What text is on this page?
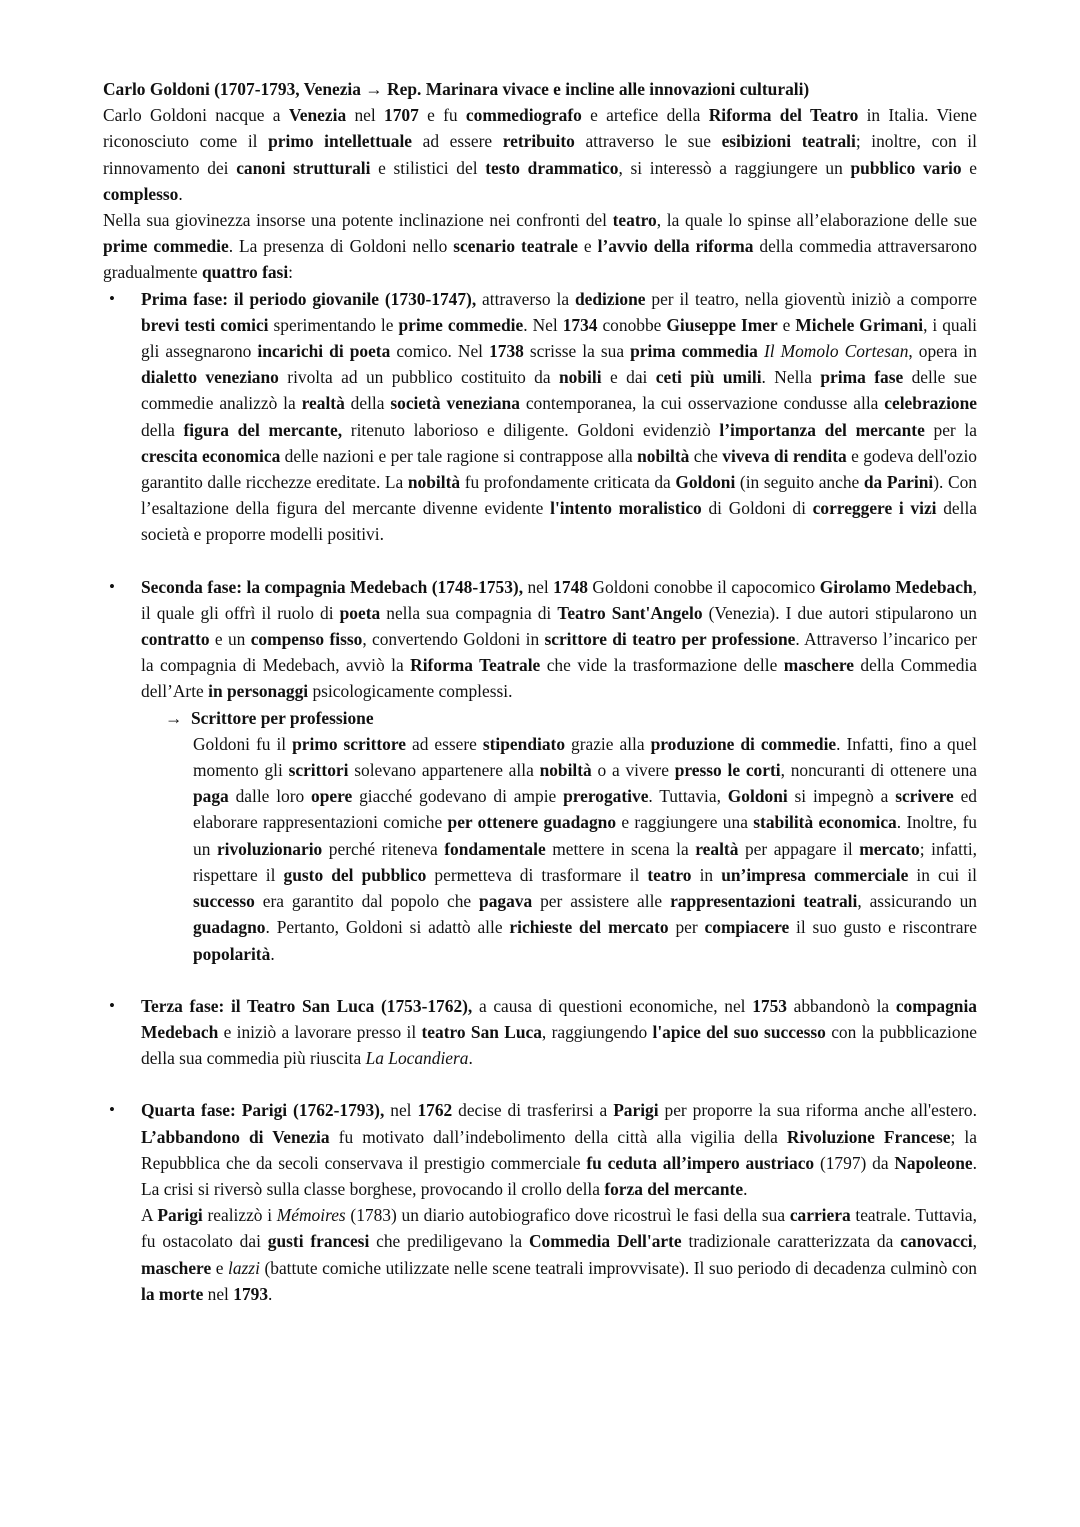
Carlo Goldoni (1707-1793, Venezia → Rep. Marinara vivace e incline alle innovazioni culturali)

Carlo Goldoni nacque a Venezia nel 1707 e fu commediografo e artefice della Riforma del Teatro in Italia. Viene riconosciuto come il primo intellettuale ad essere retribuito attraverso le sue esibizioni teatrali; inoltre, con il rinnovamento dei canoni strutturali e stilistici del testo drammatico, si interessò a raggiungere un pubblico vario e complesso.

Nella sua giovinezza insorse una potente inclinazione nei confronti del teatro, la quale lo spinse all’elaborazione delle sue prime commedie. La presenza di Goldoni nello scenario teatrale e l’avvio della riforma della commedia attraversarono gradualmente quattro fasi:

• Prima fase: il periodo giovanile (1730-1747), attraverso la dedizione per il teatro, nella gioventù iniziò a comporre brevi testi comici sperimentando le prime commedie. Nel 1734 conobbe Giuseppe Imer e Michele Grimani, i quali gli assegnarono incarichi di poeta comico. Nel 1738 scrisse la sua prima commedia Il Momolo Cortesan, opera in dialetto veneziano rivolta ad un pubblico costituito da nobili e dai ceti più umili. Nella prima fase delle sue commedie analizzò la realtà della società veneziana contemporanea, la cui osservazione condusse alla celebrazione della figura del mercante, ritenuto laborioso e diligente. Goldoni evidenziò l’importanza del mercante per la crescita economica delle nazioni e per tale ragione si contrappose alla nobiltà che viveva di rendita e godeva dell'ozio garantito dalle ricchezze ereditate. La nobiltà fu profondamente criticata da Goldoni (in seguito anche da Parini). Con l’esaltazione della figura del mercante divenne evidente l'intento moralistico di Goldoni di correggere i vizi della società e proporre modelli positivi.

• Seconda fase: la compagnia Medebach (1748-1753), nel 1748 Goldoni conobbe il capocomico Girolamo Medebach, il quale gli offrì il ruolo di poeta nella sua compagnia di Teatro Sant'Angelo (Venezia). I due autori stipularono un contratto e un compenso fisso, convertendo Goldoni in scrittore di teatro per professione. Attraverso l’incarico per la compagnia di Medebach, avviò la Riforma Teatrale che vide la trasformazione delle maschere della Commedia dell’Arte in personaggi psicologicamente complessi.

→ Scrittore per professione

Goldoni fu il primo scrittore ad essere stipendiato grazie alla produzione di commedie. Infatti, fino a quel momento gli scrittori solevano appartenere alla nobiltà o a vivere presso le corti, noncuranti di ottenere una paga dalle loro opere giacché godevano di ampie prerogative. Tuttavia, Goldoni si impegnò a scrivere ed elaborare rappresentazioni comiche per ottenere guadagno e raggiungere una stabilità economica. Inoltre, fu un rivoluzionario perché riteneva fondamentale mettere in scena la realtà per appagare il mercato; infatti, rispettare il gusto del pubblico permetteva di trasformare il teatro in un’impresa commerciale in cui il successo era garantito dal popolo che pagava per assistere alle rappresentazioni teatrali, assicurando un guadagno. Pertanto, Goldoni si adattò alle richieste del mercato per compiacere il suo gusto e riscontrare popolarità.

• Terza fase: il Teatro San Luca (1753-1762), a causa di questioni economiche, nel 1753 abbandonò la compagnia Medebach e iniziò a lavorare presso il teatro San Luca, raggiungendo l'apice del suo successo con la pubblicazione della sua commedia più riuscita La Locandiera.

• Quarta fase: Parigi (1762-1793), nel 1762 decise di trasferirsi a Parigi per proporre la sua riforma anche all'estero. L’abbandono di Venezia fu motivato dall’indebolimento della città alla vigilia della Rivoluzione Francese; la Repubblica che da secoli conservava il prestigio commerciale fu ceduta all’impero austriaco (1797) da Napoleone. La crisi si riversò sulla classe borghese, provocando il crollo della forza del mercante.

A Parigi realizzò i Mémoires (1783) un diario autobiografico dove ricostruì le fasi della sua carriera teatrale. Tuttavia, fu ostacolato dai gusti francesi che prediligevano la Commedia Dell'arte tradizionale caratterizzata da canovacci, maschere e lazzi (battute comiche utilizzate nelle scene teatrali improvvisate). Il suo periodo di decadenza culminò con la morte nel 1793.
